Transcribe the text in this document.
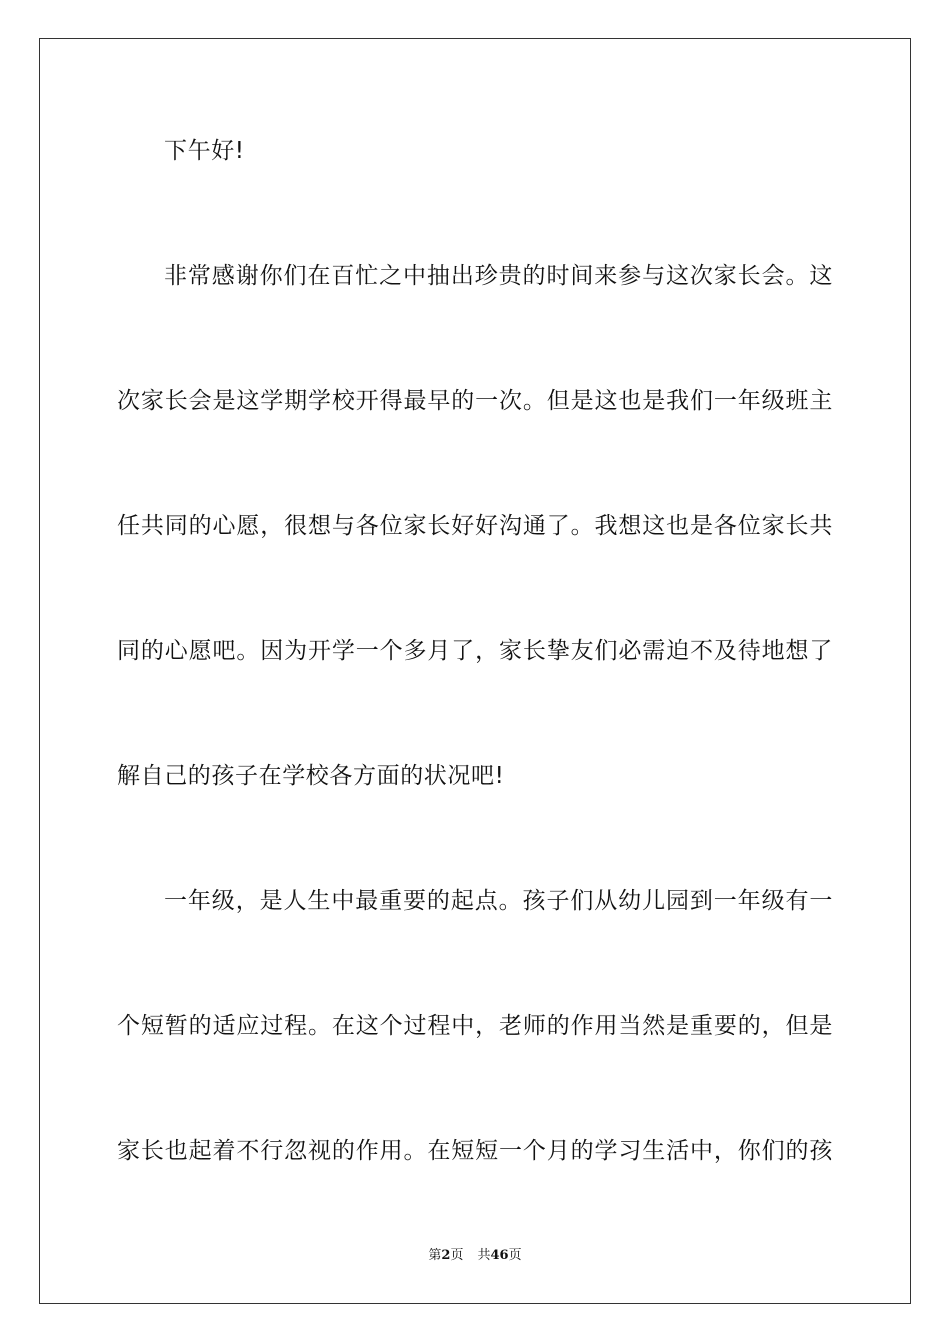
下午好!
非常感谢你们在百忙之中抽出珍贵的时间来参与这次家长会。这
次家长会是这学期学校开得最早的一次。但是这也是我们一年级班主
任共同的心愿，很想与各位家长好好沟通了。我想这也是各位家长共
同的心愿吧。因为开学一个多月了，家长挚友们必需迫不及待地想了
解自己的孩子在学校各方面的状况吧!
一年级，是人生中最重要的起点。孩子们从幼儿园到一年级有一
个短暂的适应过程。在这个过程中，老师的作用当然是重要的，但是
家长也起着不行忽视的作用。在短短一个月的学习生活中，你们的孩
第2页 共46页
